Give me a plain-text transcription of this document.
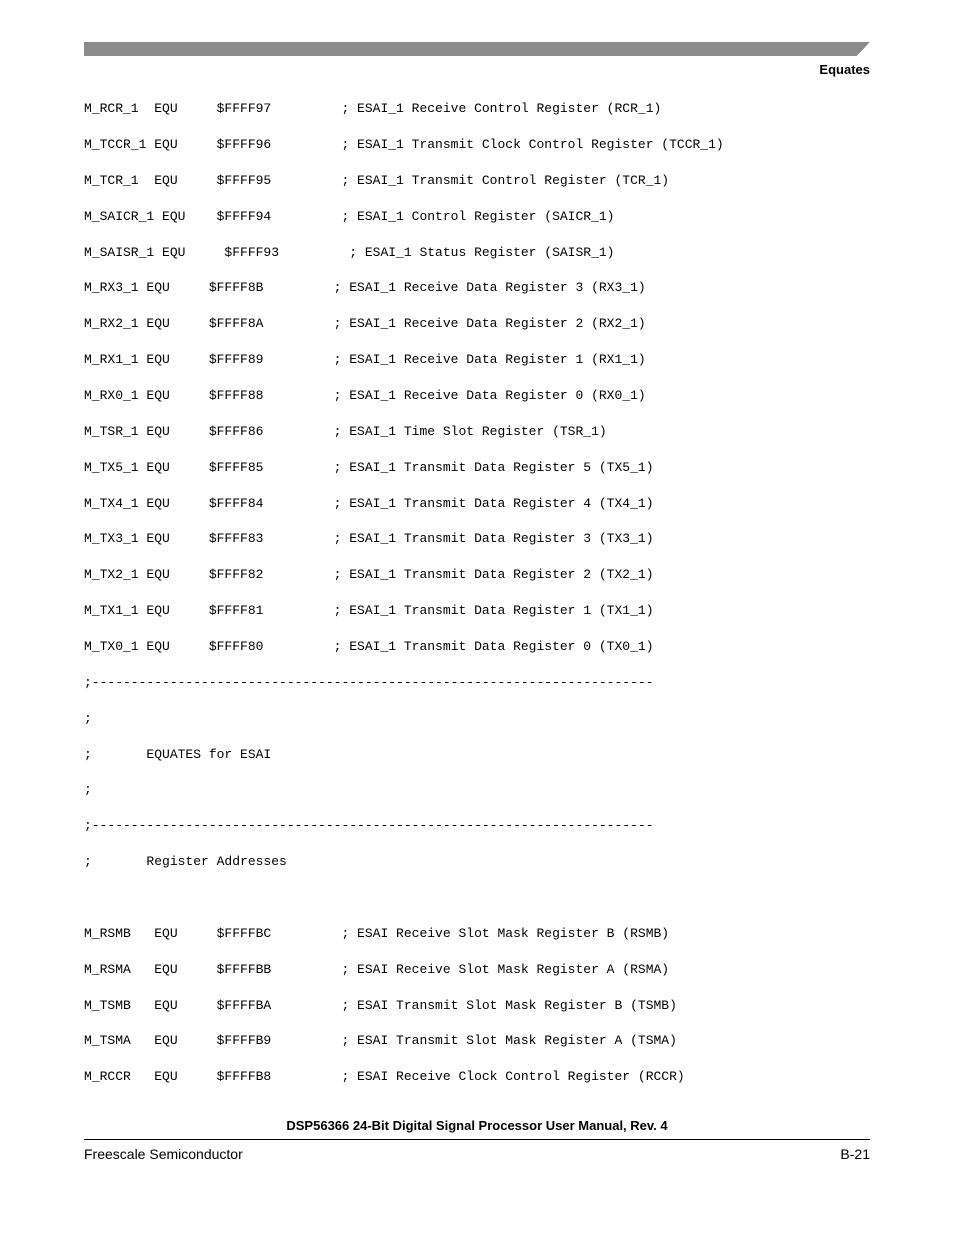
Equates
M_RCR_1  EQU     $FFFF97         ; ESAI_1 Receive Control Register (RCR_1)
M_TCCR_1 EQU     $FFFF96         ; ESAI_1 Transmit Clock Control Register (TCCR_1)
M_TCR_1  EQU     $FFFF95         ; ESAI_1 Transmit Control Register (TCR_1)
M_SAICR_1 EQU    $FFFF94         ; ESAI_1 Control Register (SAICR_1)
M_SAISR_1 EQU     $FFFF93         ; ESAI_1 Status Register (SAISR_1)
M_RX3_1 EQU     $FFFF8B         ; ESAI_1 Receive Data Register 3 (RX3_1)
M_RX2_1 EQU     $FFFF8A         ; ESAI_1 Receive Data Register 2 (RX2_1)
M_RX1_1 EQU     $FFFF89         ; ESAI_1 Receive Data Register 1 (RX1_1)
M_RX0_1 EQU     $FFFF88         ; ESAI_1 Receive Data Register 0 (RX0_1)
M_TSR_1 EQU     $FFFF86         ; ESAI_1 Time Slot Register (TSR_1)
M_TX5_1 EQU     $FFFF85         ; ESAI_1 Transmit Data Register 5 (TX5_1)
M_TX4_1 EQU     $FFFF84         ; ESAI_1 Transmit Data Register 4 (TX4_1)
M_TX3_1 EQU     $FFFF83         ; ESAI_1 Transmit Data Register 3 (TX3_1)
M_TX2_1 EQU     $FFFF82         ; ESAI_1 Transmit Data Register 2 (TX2_1)
M_TX1_1 EQU     $FFFF81         ; ESAI_1 Transmit Data Register 1 (TX1_1)
M_TX0_1 EQU     $FFFF80         ; ESAI_1 Transmit Data Register 0 (TX0_1)
;------------------------------------------------------------------------
;
;       EQUATES for ESAI
;
;------------------------------------------------------------------------
;       Register Addresses
M_RSMB   EQU     $FFFFBC         ; ESAI Receive Slot Mask Register B (RSMB)
M_RSMA   EQU     $FFFFBB         ; ESAI Receive Slot Mask Register A (RSMA)
M_TSMB   EQU     $FFFFBA         ; ESAI Transmit Slot Mask Register B (TSMB)
M_TSMA   EQU     $FFFFB9         ; ESAI Transmit Slot Mask Register A (TSMA)
M_RCCR   EQU     $FFFFB8         ; ESAI Receive Clock Control Register (RCCR)
DSP56366 24-Bit Digital Signal Processor User Manual, Rev. 4
Freescale Semiconductor	B-21
